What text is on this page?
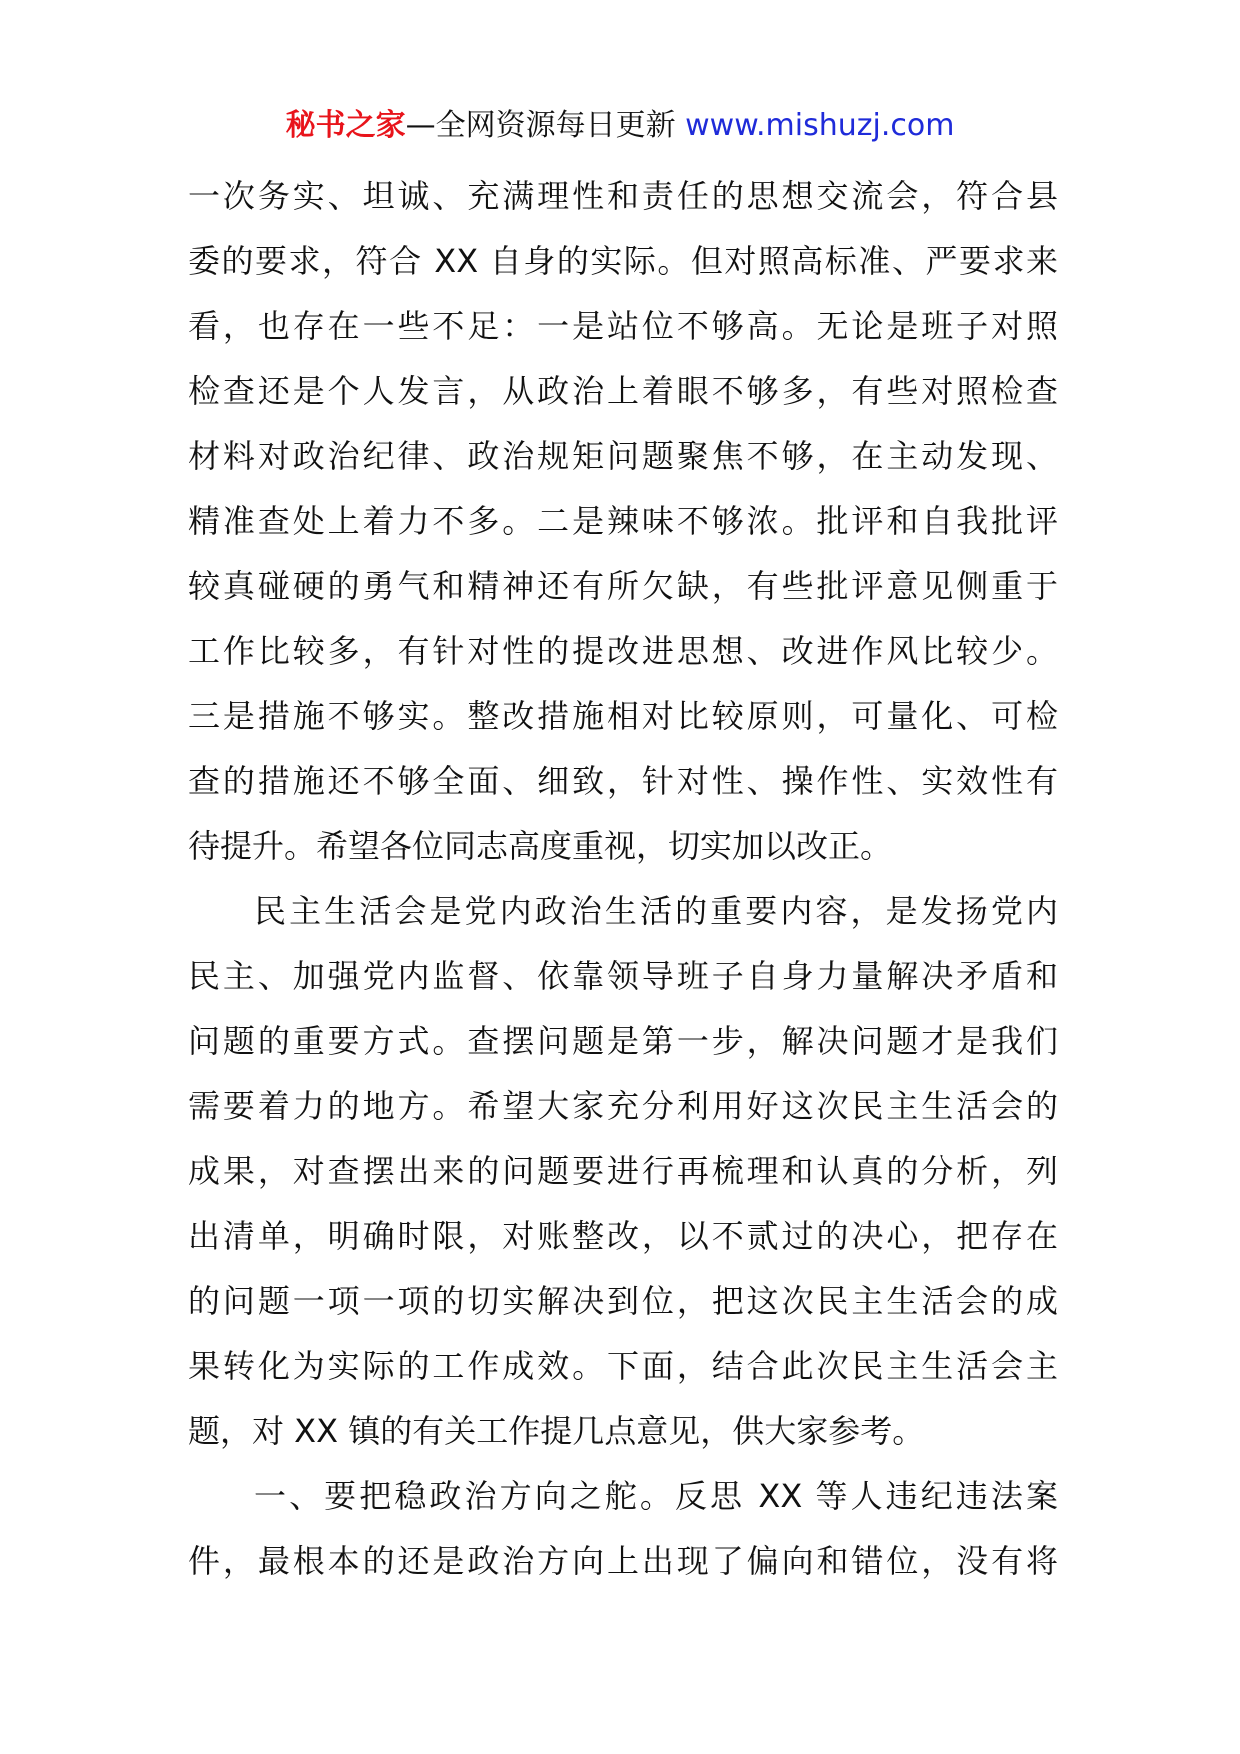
秘书之家—全网资源每日更新 www.mishuzj.com
一次务实、坦诚、充满理性和责任的思想交流会，符合县
委的要求，符合 XX 自身的实际。但对照高标准、严要求来
看，也存在一些不足：一是站位不够高。无论是班子对照
检查还是个人发言，从政治上着眼不够多，有些对照检查
材料对政治纪律、政治规矩问题聚焦不够，在主动发现、
精准查处上着力不多。二是辣味不够浓。批评和自我批评
较真碰硬的勇气和精神还有所欠缺，有些批评意见侧重于
工作比较多，有针对性的提改进思想、改进作风比较少。
三是措施不够实。整改措施相对比较原则，可量化、可检
查的措施还不够全面、细致，针对性、操作性、实效性有
待提升。希望各位同志高度重视，切实加以改正。
民主生活会是党内政治生活的重要内容，是发扬党内
民主、加强党内监督、依靠领导班子自身力量解决矛盾和
问题的重要方式。查摆问题是第一步，解决问题才是我们
需要着力的地方。希望大家充分利用好这次民主生活会的
成果，对查摆出来的问题要进行再梳理和认真的分析，列
出清单，明确时限，对账整改，以不贰过的决心，把存在
的问题一项一项的切实解决到位，把这次民主生活会的成
果转化为实际的工作成效。下面，结合此次民主生活会主
题，对 XX 镇的有关工作提几点意见，供大家参考。
一、要把稳政治方向之舵。反思 XX 等人违纪违法案
件，最根本的还是政治方向上出现了偏向和错位，没有将
